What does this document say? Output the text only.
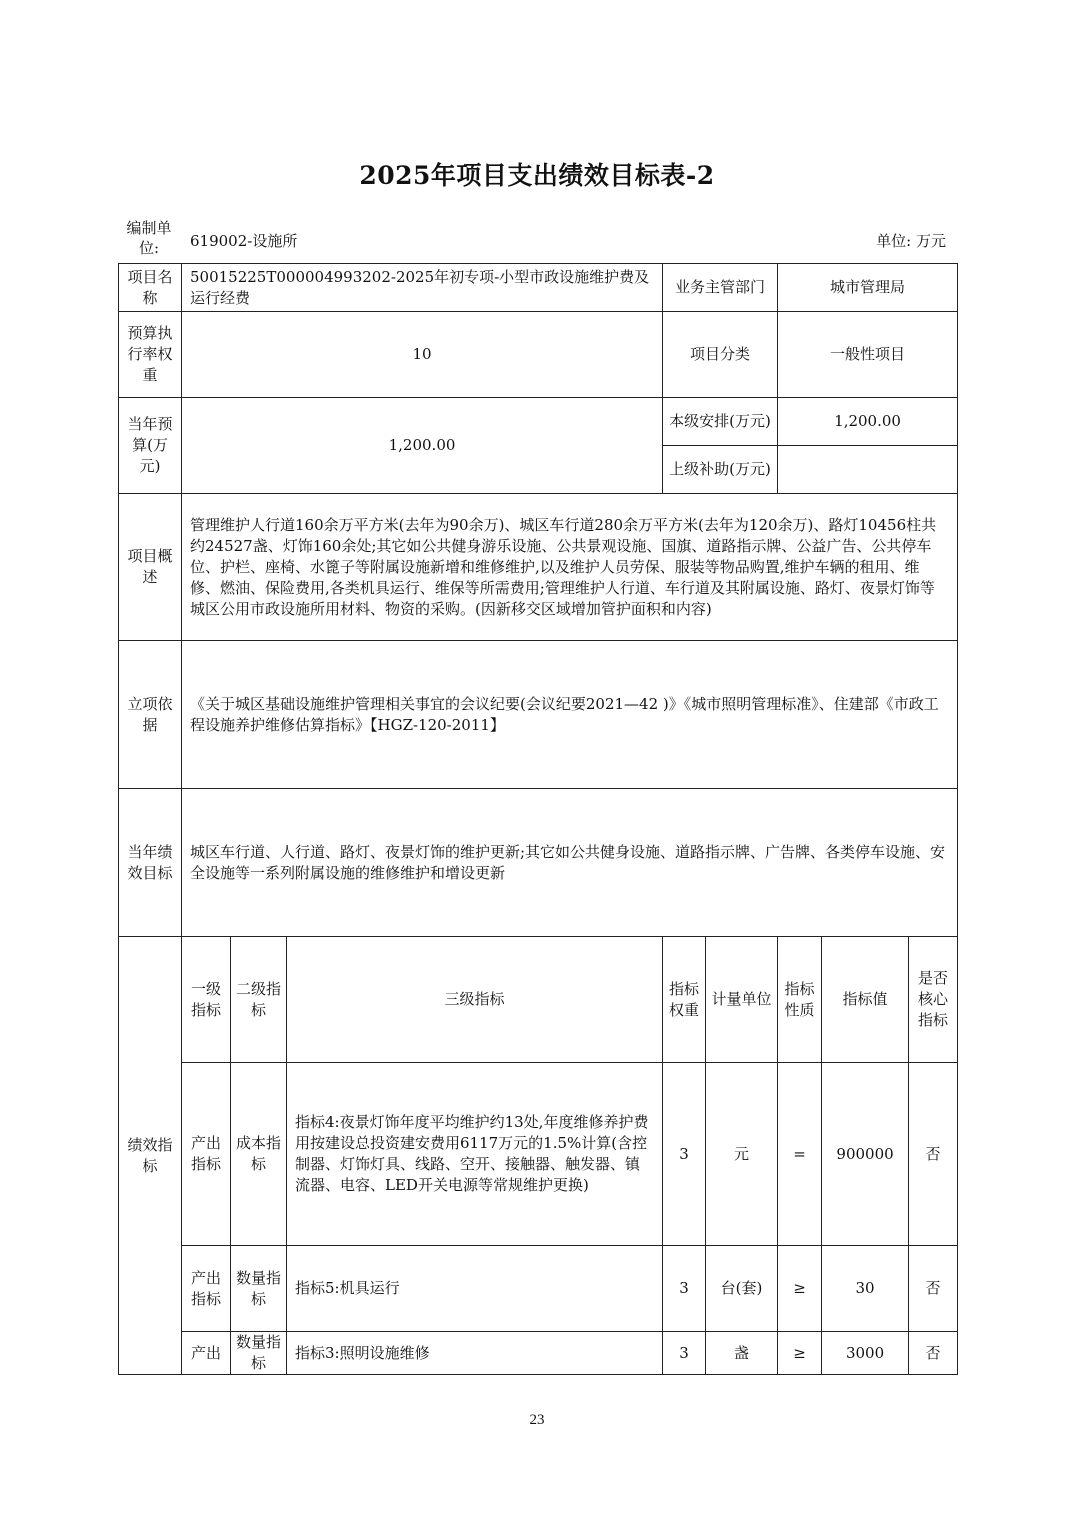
2025年项目支出绩效目标表-2
编制单位:	619002-设施所	单位: 万元
项目名称	50015225T000004993202-2025年初专项-小型市政设施维护费及运行经费			业务主管部门		城市管理局		
预算执行率权重	10			项目分类		一般性项目		
当年预算(万元)	1,200.00			本级安排(万元)		1,200.00		
				上级补助(万元)				
项目概述	管理维护人行道160余万平方米(去年为90余万)、城区车行道280余万平方米(去年为120余万)、路灯10456柱共约24527盏、灯饰160余处;其它如公共健身游乐设施、公共景观设施、国旗、道路指示牌、公益广告、公共停车位、护栏、座椅、水篦子等附属设施新增和维修维护,以及维护人员劳保、服装等物品购置,维护车辆的租用、维修、燃油、保险费用,各类机具运行、维保等所需费用;管理维护人行道、车行道及其附属设施、路灯、夜景灯饰等城区公用市政设施所用材料、物资的采购。(因新移交区域增加管护面积和内容)							
立项依据	《关于城区基础设施维护管理相关事宜的会议纪要(会议纪要2021—42 )》《城市照明管理标准》、住建部《市政工程设施养护维修估算指标》【HGZ-120-2011】							
当年绩效目标	城区车行道、人行道、路灯、夜景灯饰的维护更新;其它如公共健身设施、道路指示牌、广告牌、各类停车设施、安全设施等一系列附属设施的维修维护和增设更新							
绩效指标	一级指标	二级指标	三级指标	指标权重	计量单位	指标性质	指标值	是否核心指标
	产出指标	成本指标	指标4:夜景灯饰年度平均维护约13处,年度维修养护费用按建设总投资建安费用6117万元的1.5%计算(含控制器、灯饰灯具、线路、空开、接触器、触发器、镇流器、电容、LED开关电源等常规维护更换)	3	元	=	900000	否
	产出指标	数量指标	指标5:机具运行	3	台(套)	≥	30	否
	产出	数量指标	指标3:照明设施维修	3	盏	≥	3000	否
23
